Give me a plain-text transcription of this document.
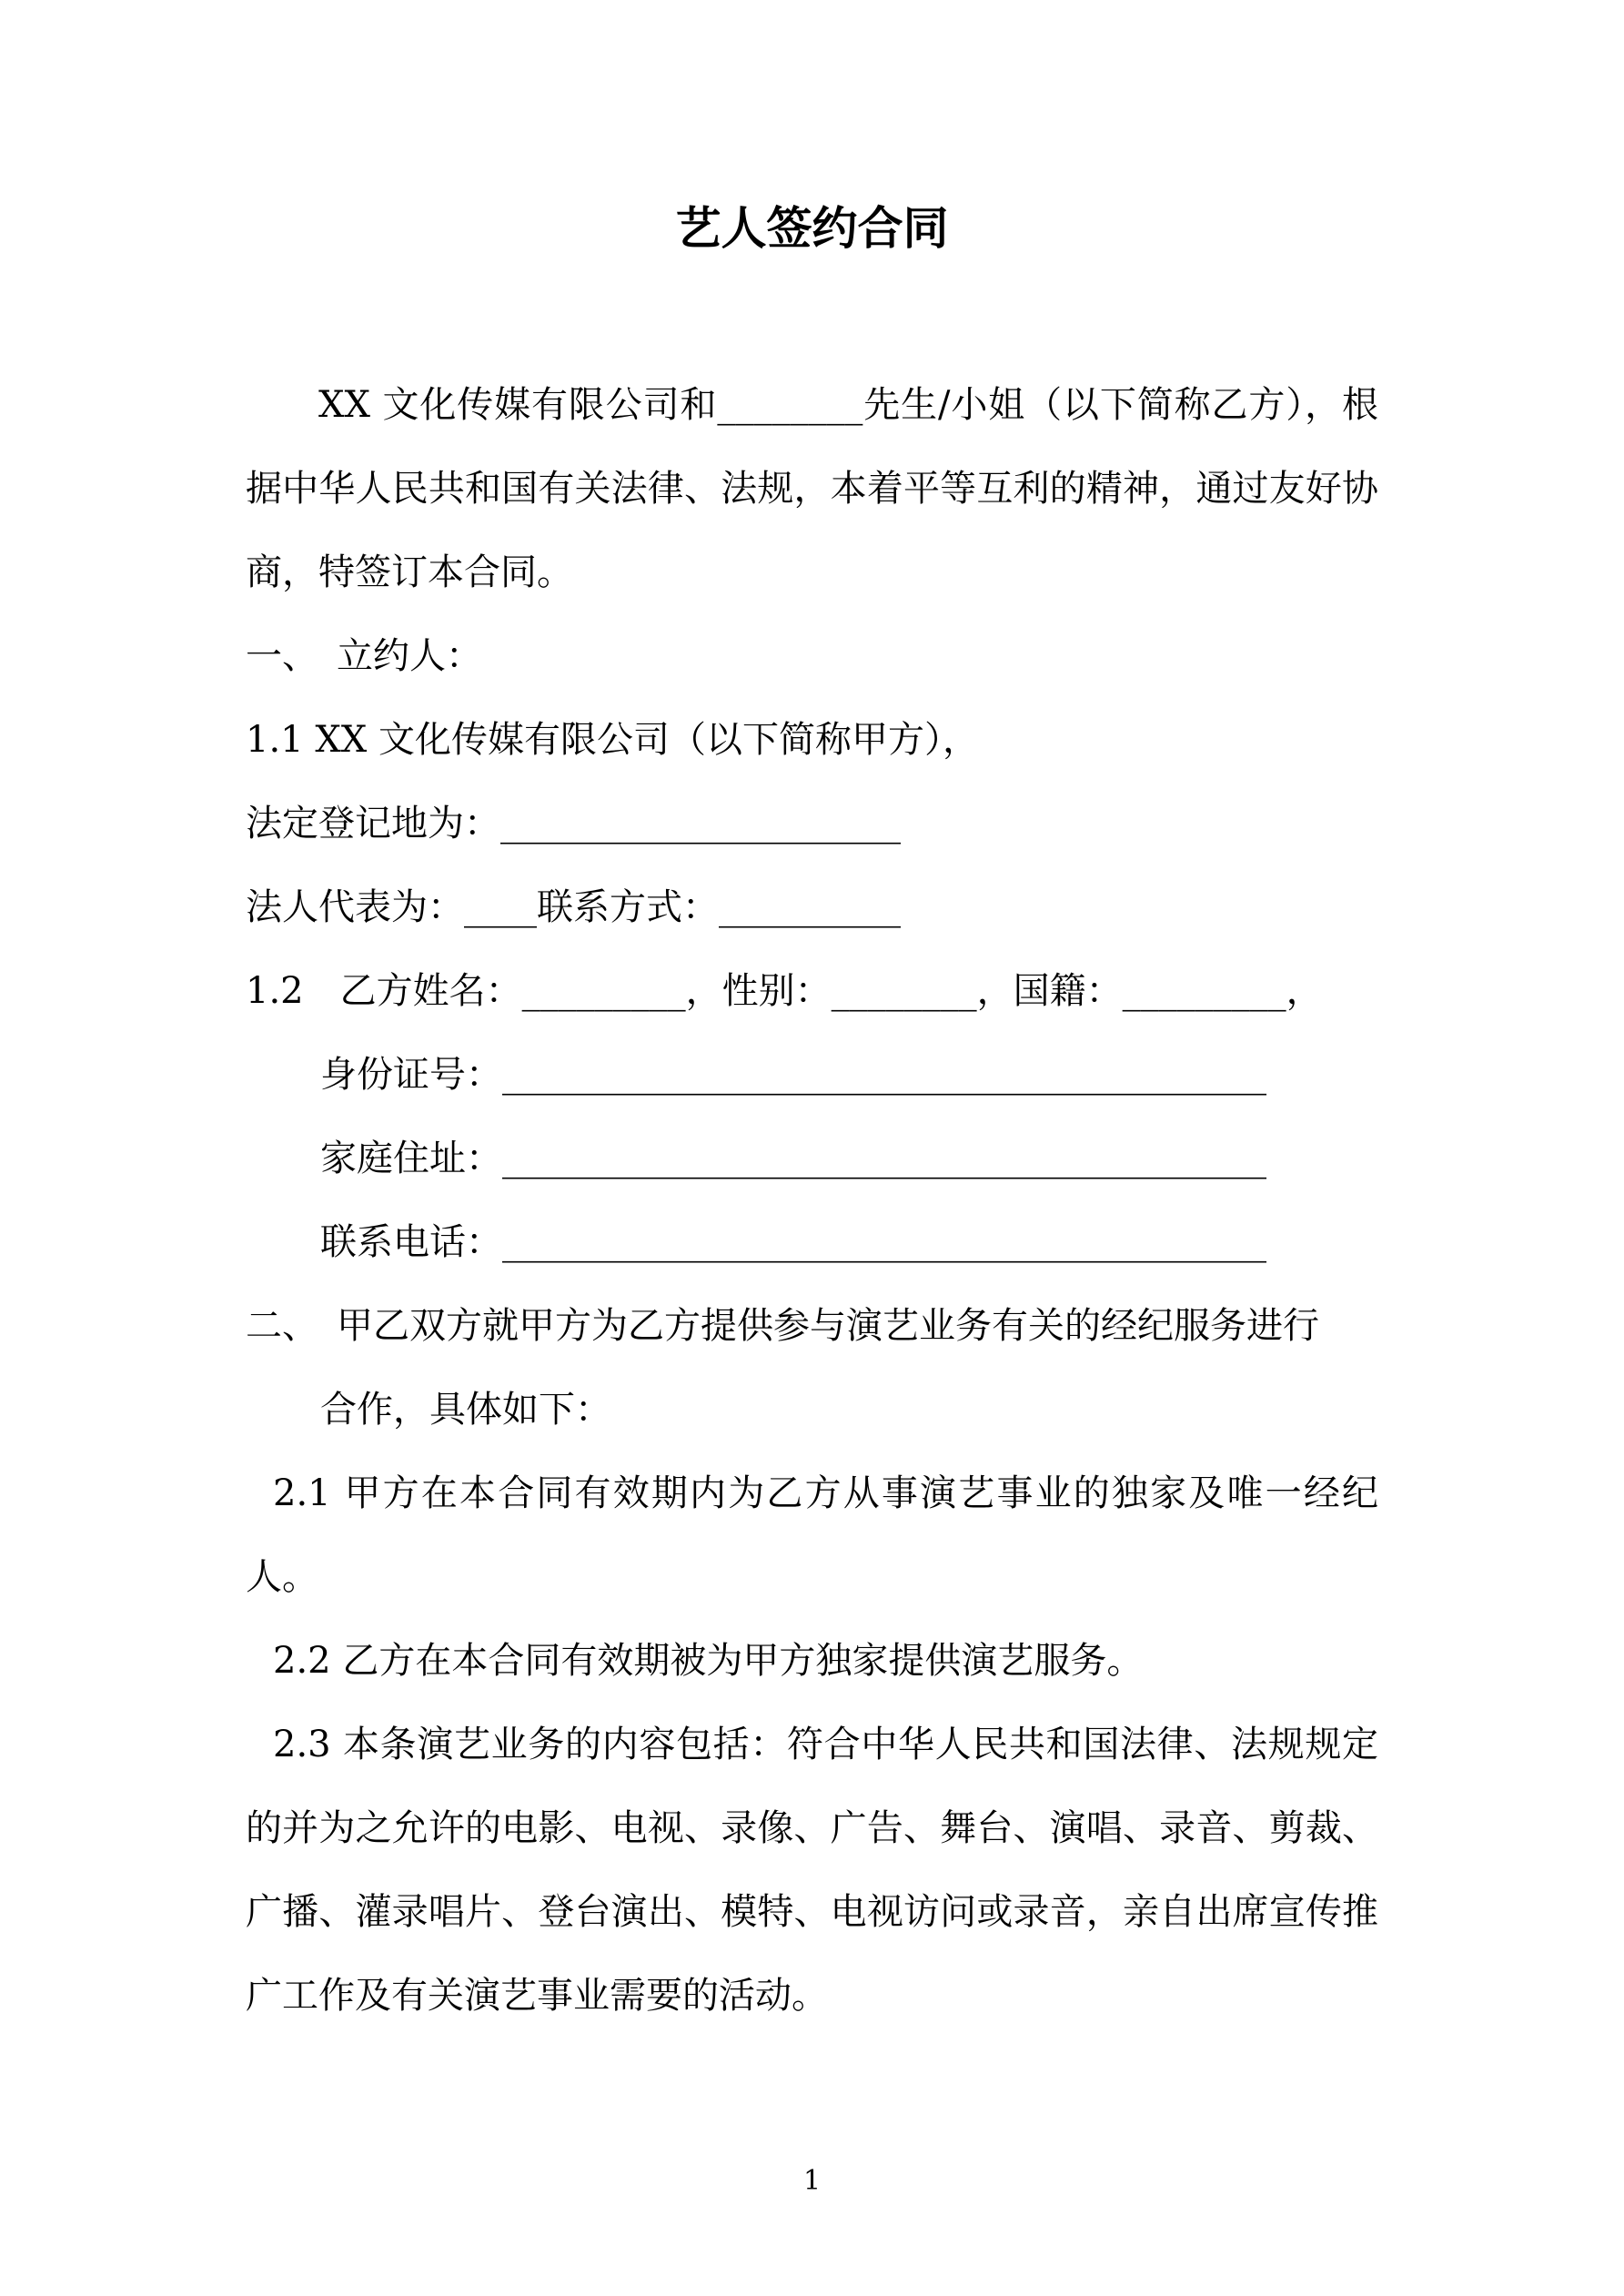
艺人签约合同

XX 文化传媒有限公司和________先生/小姐（以下简称乙方），根据中华人民共和国有关法律、法规，本着平等互利的精神，通过友好协商，特签订本合同。

一、　立约人：

1.1 XX 文化传媒有限公司（以下简称甲方），

法定登记地为：______________________

法人代表为：____联系方式：__________

1.2　乙方姓名：_________，性别：________，国籍：_________，

身份证号：__________________________________________

家庭住址：__________________________________________

联系电话：__________________________________________

二、　甲乙双方就甲方为乙方提供参与演艺业务有关的经纪服务进行

合作，具体如下：

2.1 甲方在本合同有效期内为乙方从事演艺事业的独家及唯一经纪人。

2.2 乙方在本合同有效期被为甲方独家提供演艺服务。

2.3 本条演艺业务的内容包括：符合中华人民共和国法律、法规规定的并为之允许的电影、电视、录像、广告、舞台、演唱、录音、剪裁、广播、灌录唱片、登台演出、模特、电视访问或录音，亲自出席宣传推广工作及有关演艺事业需要的活动。

1
